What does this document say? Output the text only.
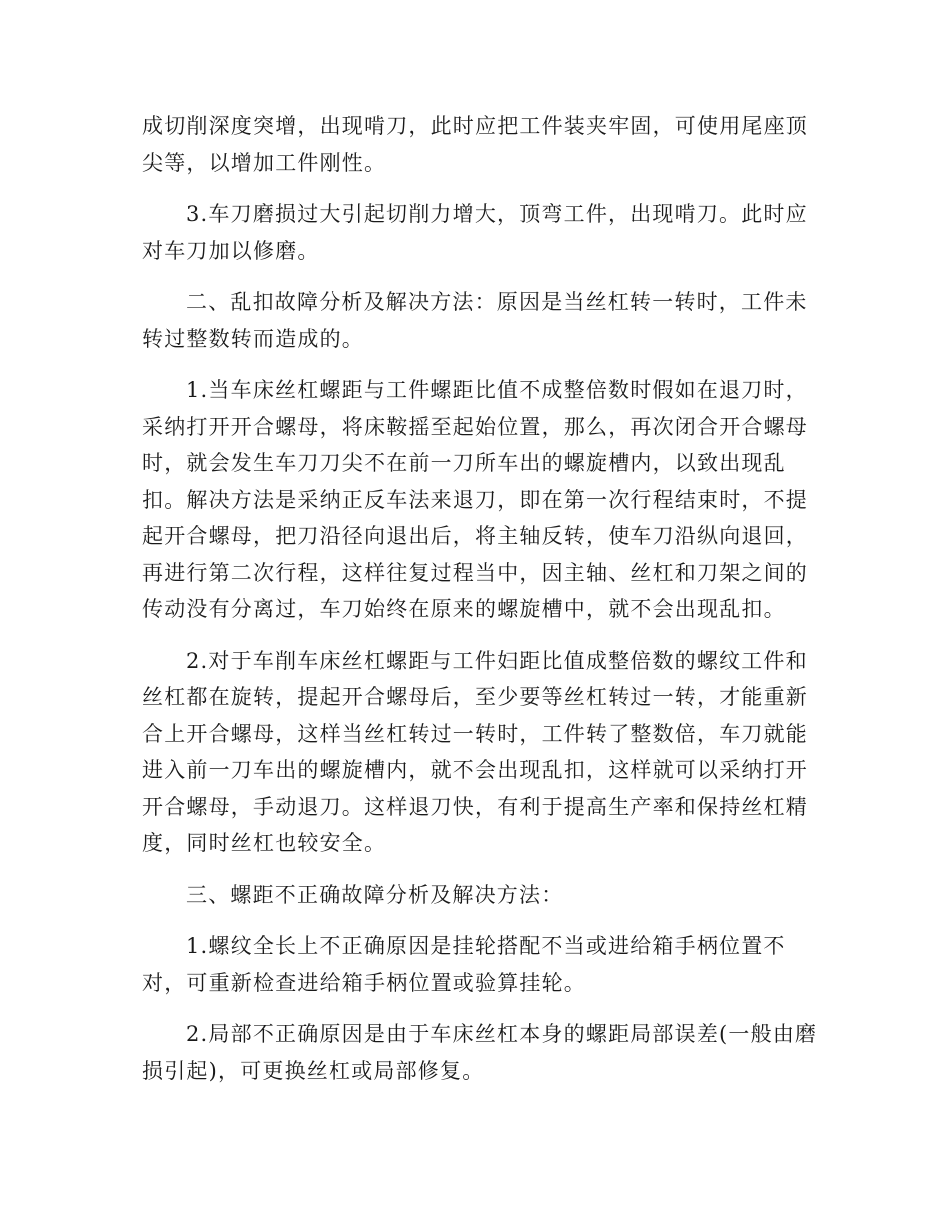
成切削深度突增，出现啃刀，此时应把工件装夹牢固，可使用尾座顶
尖等，以增加工件刚性。

3.车刀磨损过大引起切削力增大，顶弯工件，出现啃刀。此时应

对车刀加以修磨。

二、乱扣故障分析及解决方法：原因是当丝杠转一转时，工件未

转过整数转而造成的。

1.当车床丝杠螺距与工件螺距比值不成整倍数时假如在退刀时，

采纳打开开合螺母，将床鞍摇至起始位置，那么，再次闭合开合螺母
时，就会发生车刀刀尖不在前一刀所车出的螺旋槽内，以致出现乱
扣。解决方法是采纳正反车法来退刀，即在第一次行程结束时，不提
起开合螺母，把刀沿径向退出后，将主轴反转，使车刀沿纵向退回，
再进行第二次行程，这样往复过程当中，因主轴、丝杠和刀架之间的
传动没有分离过，车刀始终在原来的螺旋槽中，就不会出现乱扣。

2.对于车削车床丝杠螺距与工件妇距比值成整倍数的螺纹工件和

丝杠都在旋转，提起开合螺母后，至少要等丝杠转过一转，才能重新
合上开合螺母，这样当丝杠转过一转时，工件转了整数倍，车刀就能
进入前一刀车出的螺旋槽内，就不会出现乱扣，这样就可以采纳打开
开合螺母，手动退刀。这样退刀快，有利于提高生产率和保持丝杠精
度，同时丝杠也较安全。

三、螺距不正确故障分析及解决方法：

1.螺纹全长上不正确原因是挂轮搭配不当或进给箱手柄位置不

对，可重新检查进给箱手柄位置或验算挂轮。

2.局部不正确原因是由于车床丝杠本身的螺距局部误差(一般由磨

损引起)，可更换丝杠或局部修复。
